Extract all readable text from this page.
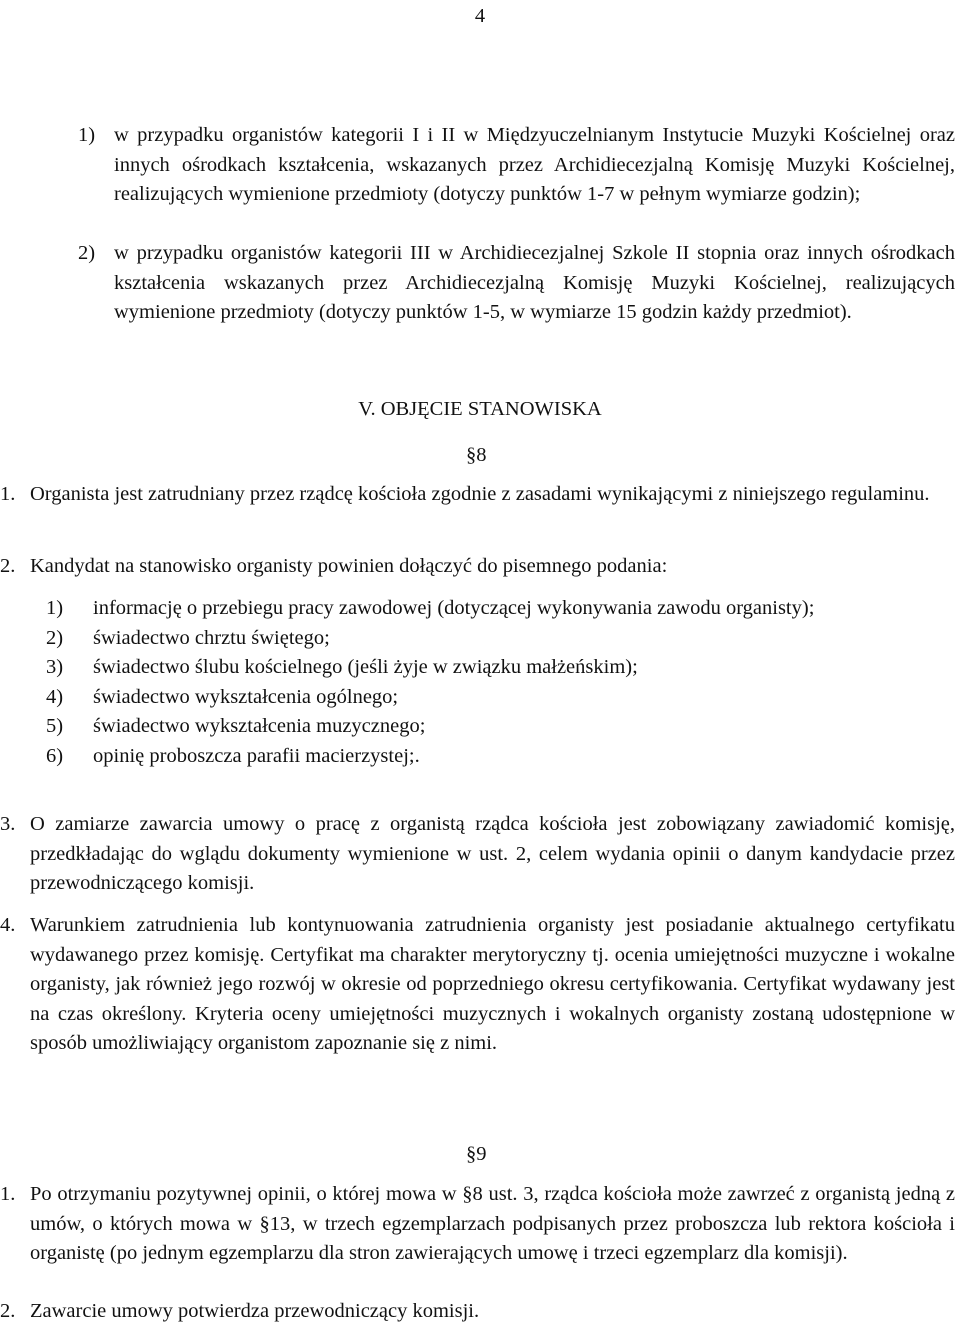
4
1) w przypadku organistów kategorii I i II w Międzyuczelnianym Instytucie Muzyki Kościelnej oraz innych ośrodkach kształcenia, wskazanych przez Archidiecezjalną Komisję Muzyki Kościelnej, realizujących wymienione przedmioty (dotyczy punktów 1-7 w pełnym wymiarze godzin);
2) w przypadku organistów kategorii III w Archidiecezjalnej Szkole II stopnia oraz innych ośrodkach kształcenia wskazanych przez Archidiecezjalną Komisję Muzyki Kościelnej, realizujących wymienione przedmioty (dotyczy punktów 1-5, w wymiarze 15 godzin każdy przedmiot).
V. OBJĘCIE STANOWISKA
§8
1. Organista jest zatrudniany przez rządcę kościoła zgodnie z zasadami wynikającymi z niniejszego regulaminu.
2. Kandydat na stanowisko organisty powinien dołączyć do pisemnego podania:
1) informację o przebiegu pracy zawodowej (dotyczącej wykonywania zawodu organisty);
2) świadectwo chrztu świętego;
3) świadectwo ślubu kościelnego (jeśli żyje w związku małżeńskim);
4) świadectwo wykształcenia ogólnego;
5) świadectwo wykształcenia muzycznego;
6) opinię proboszcza parafii macierzystej;.
3. O zamiarze zawarcia umowy o pracę z organistą rządca kościoła jest zobowiązany zawiadomić komisję, przedkładając do wglądu dokumenty wymienione w ust. 2, celem wydania opinii o danym kandydacie przez przewodniczącego komisji.
4. Warunkiem zatrudnienia lub kontynuowania zatrudnienia organisty jest posiadanie aktualnego certyfikatu wydawanego przez komisję. Certyfikat ma charakter merytoryczny tj. ocenia umiejętności muzyczne i wokalne organisty, jak również jego rozwój w okresie od poprzedniego okresu certyfikowania. Certyfikat wydawany jest na czas określony. Kryteria oceny umiejętności muzycznych i wokalnych organisty zostaną udostępnione w sposób umożliwiający organistom zapoznanie się z nimi.
§9
1. Po otrzymaniu pozytywnej opinii, o której mowa w §8 ust. 3, rządca kościoła może zawrzeć z organistą jedną z umów, o których mowa w §13, w trzech egzemplarzach podpisanych przez proboszcza lub rektora kościoła i organistę (po jednym egzemplarzu dla stron zawierających umowę i trzeci egzemplarz dla komisji).
2. Zawarcie umowy potwierdza przewodniczący komisji.
